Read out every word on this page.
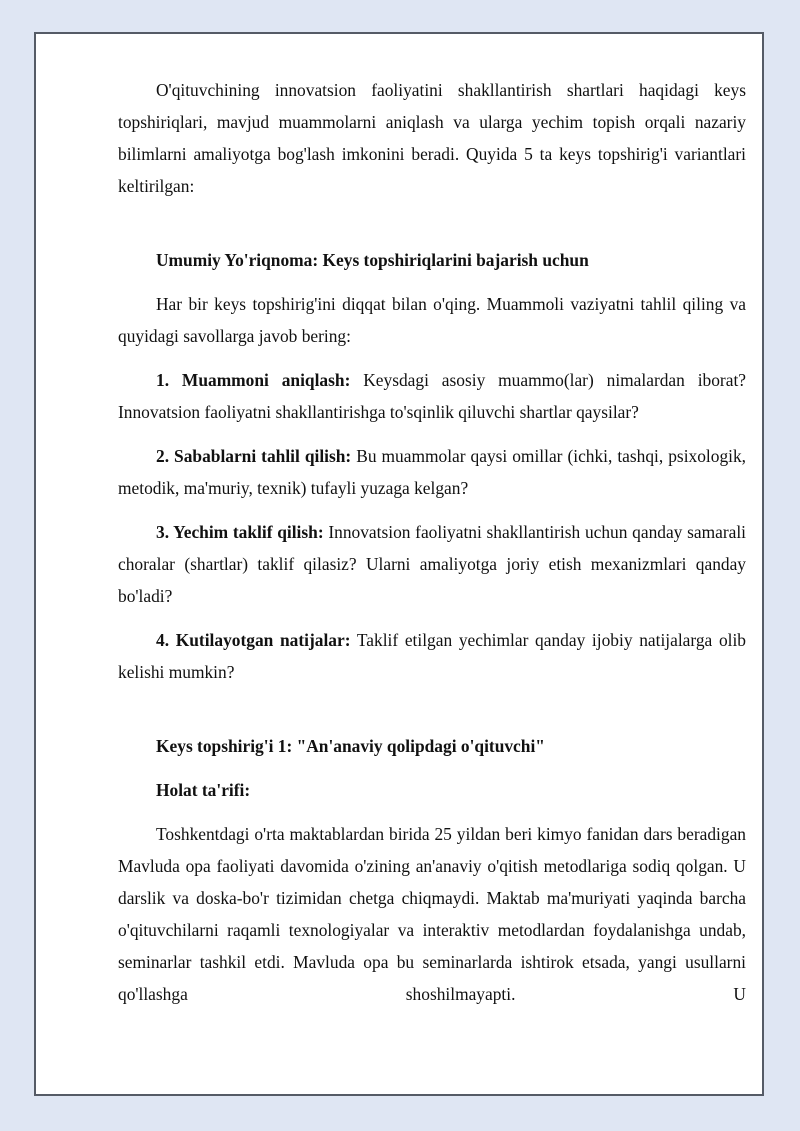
O'qituvchining innovatsion faoliyatini shakllantirish shartlari haqidagi keys topshiriqlari, mavjud muammolarni aniqlash va ularga yechim topish orqali nazariy bilimlarni amaliyotga bog'lash imkonini beradi. Quyida 5 ta keys topshirig'i variantlari keltirilgan:

Umumiy Yo'riqnoma: Keys topshiriqlarini bajarish uchun

Har bir keys topshirig'ini diqqat bilan o'qing. Muammoli vaziyatni tahlil qiling va quyidagi savollarga javob bering:

1. Muammoni aniqlash: Keysdagi asosiy muammo(lar) nimalardan iborat? Innovatsion faoliyatni shakllantirishga to'sqinlik qiluvchi shartlar qaysilar?

2. Sabablarni tahlil qilish: Bu muammolar qaysi omillar (ichki, tashqi, psixologik, metodik, ma'muriy, texnik) tufayli yuzaga kelgan?

3. Yechim taklif qilish: Innovatsion faoliyatni shakllantirish uchun qanday samarali choralar (shartlar) taklif qilasiz? Ularni amaliyotga joriy etish mexanizmlari qanday bo'ladi?

4. Kutilayotgan natijalar: Taklif etilgan yechimlar qanday ijobiy natijalarga olib kelishi mumkin?

Keys topshirig'i 1: "An'anaviy qolipdagi o'qituvchi"

Holat ta'rifi:

Toshkentdagi o'rta maktablardan birida 25 yildan beri kimyo fanidan dars beradigan Mavluda opa faoliyati davomida o'zining an'anaviy o'qitish metodlariga sodiq qolgan. U darslik va doska-bo'r tizimidan chetga chiqmaydi. Maktab ma'muriyati yaqinda barcha o'qituvchilarni raqamli texnologiyalar va interaktiv metodlardan foydalanishga undab, seminarlar tashkil etdi. Mavluda opa bu seminarlarda ishtirok etsada, yangi usullarni qo'llashga shoshilmayapti. U
